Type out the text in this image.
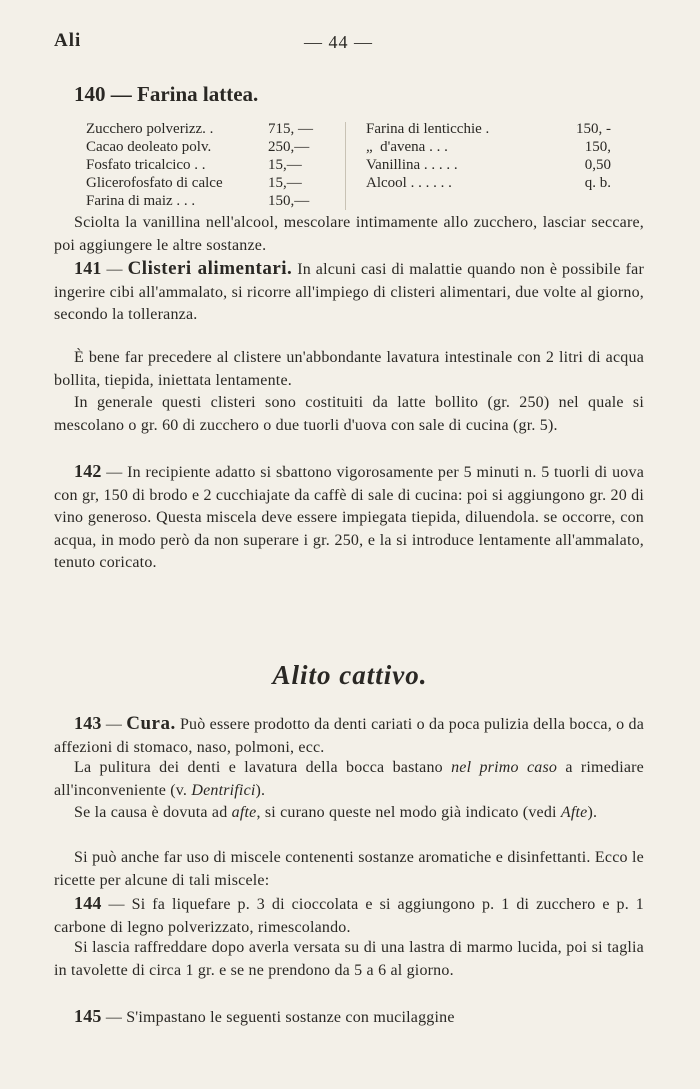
Ali	— 44 —
140 — Farina lattea.
Zucchero polverizz. .	715, —
Cacao deoleato polv.	250,—
Fosfato tricalcico . .	15,—
Glicerofosfato di calce	15,—
Farina di maiz . . .	150,—
Farina di lenticchie .	150, -
„  d'avena . . .	150,
Vanillina . . . . .	0,50
Alcool . . . . . .	q. b.

Sciolta la vanillina nell'alcool, mescolare intimamente allo zucchero, lasciar seccare, poi aggiungere le altre sostanze.

141 — Clisteri alimentari. In alcuni casi di malattie quando non è possibile far ingerire cibi all'ammalato, si ricorre all'impiego di clisteri alimentari, due volte al giorno, secondo la tolleranza.

È bene far precedere al clistere un'abbondante lavatura intestinale con 2 litri di acqua bollita, tiepida, iniettata lentamente.

In generale questi clisteri sono costituiti da latte bollito (gr. 250) nel quale si mescolano o gr. 60 di zucchero o due tuorli d'uova con sale di cucina (gr. 5).

142 — In recipiente adatto si sbattono vigorosamente per 5 minuti n. 5 tuorli di uova con gr, 150 di brodo e 2 cucchiajate da caffè di sale di cucina: poi si aggiungono gr. 20 di vino generoso. Questa miscela deve essere impiegata tiepida, diluendola. se occorre, con acqua, in modo però da non superare i gr. 250, e la si introduce lentamente all'ammalato, tenuto coricato.

Alito cattivo.

143 — Cura. Può essere prodotto da denti cariati o da poca pulizia della bocca, o da affezioni di stomaco, naso, polmoni, ecc.

La pulitura dei denti e lavatura della bocca bastano nel primo caso a rimediare all'inconveniente (v. Dentrifici).

Se la causa è dovuta ad afte, si curano queste nel modo già indicato (vedi Afte).

Si può anche far uso di miscele contenenti sostanze aromatiche e disinfettanti. Ecco le ricette per alcune di tali miscele:

144 — Si fa liquefare p. 3 di cioccolata e si aggiungono p. 1 di zucchero e p. 1 carbone di legno polverizzato, rimescolando.

Si lascia raffreddare dopo averla versata su di una lastra di marmo lucida, poi si taglia in tavolette di circa 1 gr. e se ne prendono da 5 a 6 al giorno.

145 — S'impastano le seguenti sostanze con mucilaggine
